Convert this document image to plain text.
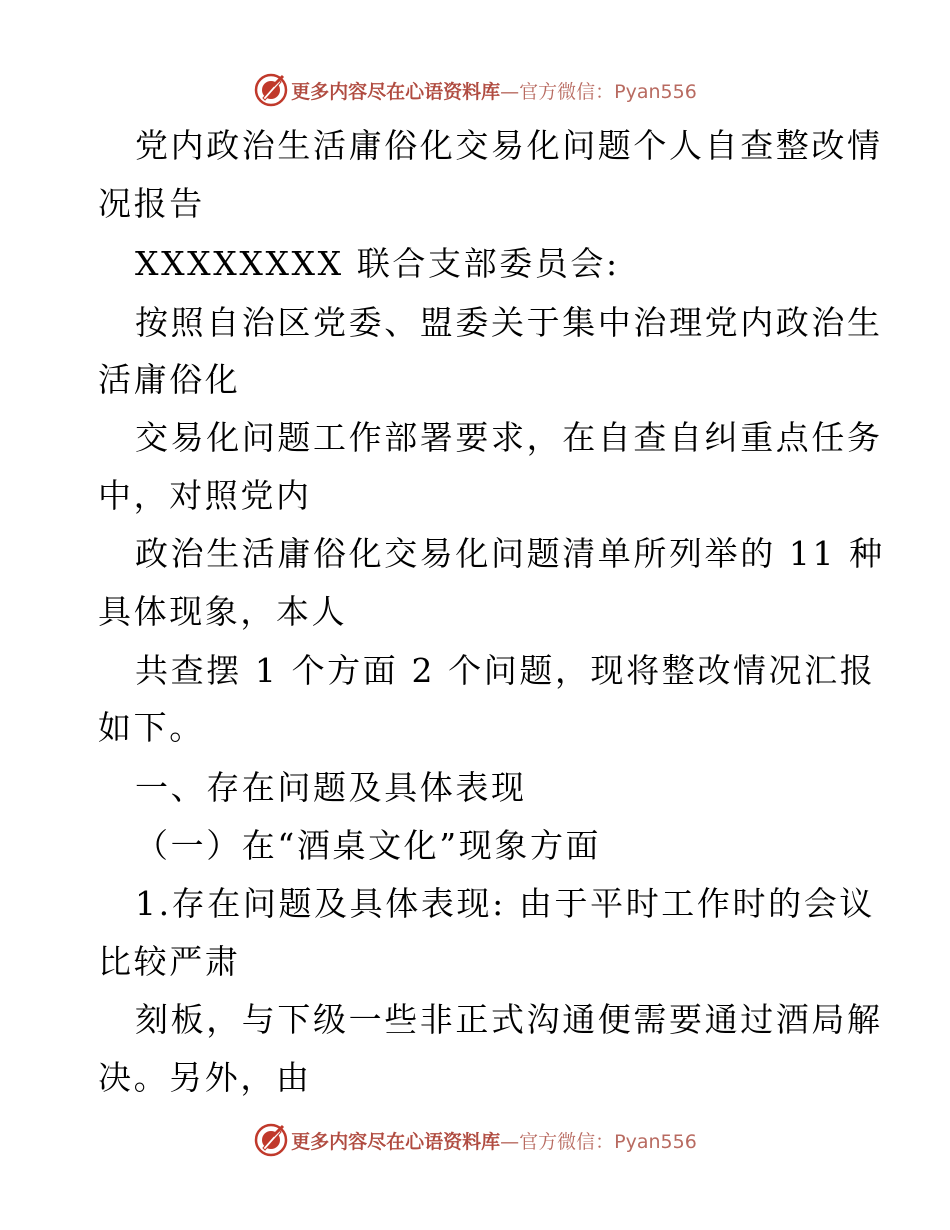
更多内容尽在心语资料库—官方微信：Pyan556
党内政治生活庸俗化交易化问题个人自查整改情
况报告
XXXXXXXX 联合支部委员会:
按照自治区党委、盟委关于集中治理党内政治生
活庸俗化
交易化问题工作部署要求，在自查自纠重点任务
中，对照党内
政治生活庸俗化交易化问题清单所列举的 11 种
具体现象，本人
共查摆 1 个方面 2 个问题，现将整改情况汇报
如下。
一、存在问题及具体表现
（一）在“酒桌文化”现象方面
1.存在问题及具体表现: 由于平时工作时的会议
比较严肃
刻板，与下级一些非正式沟通便需要通过酒局解
决。另外，由
更多内容尽在心语资料库—官方微信：Pyan556
